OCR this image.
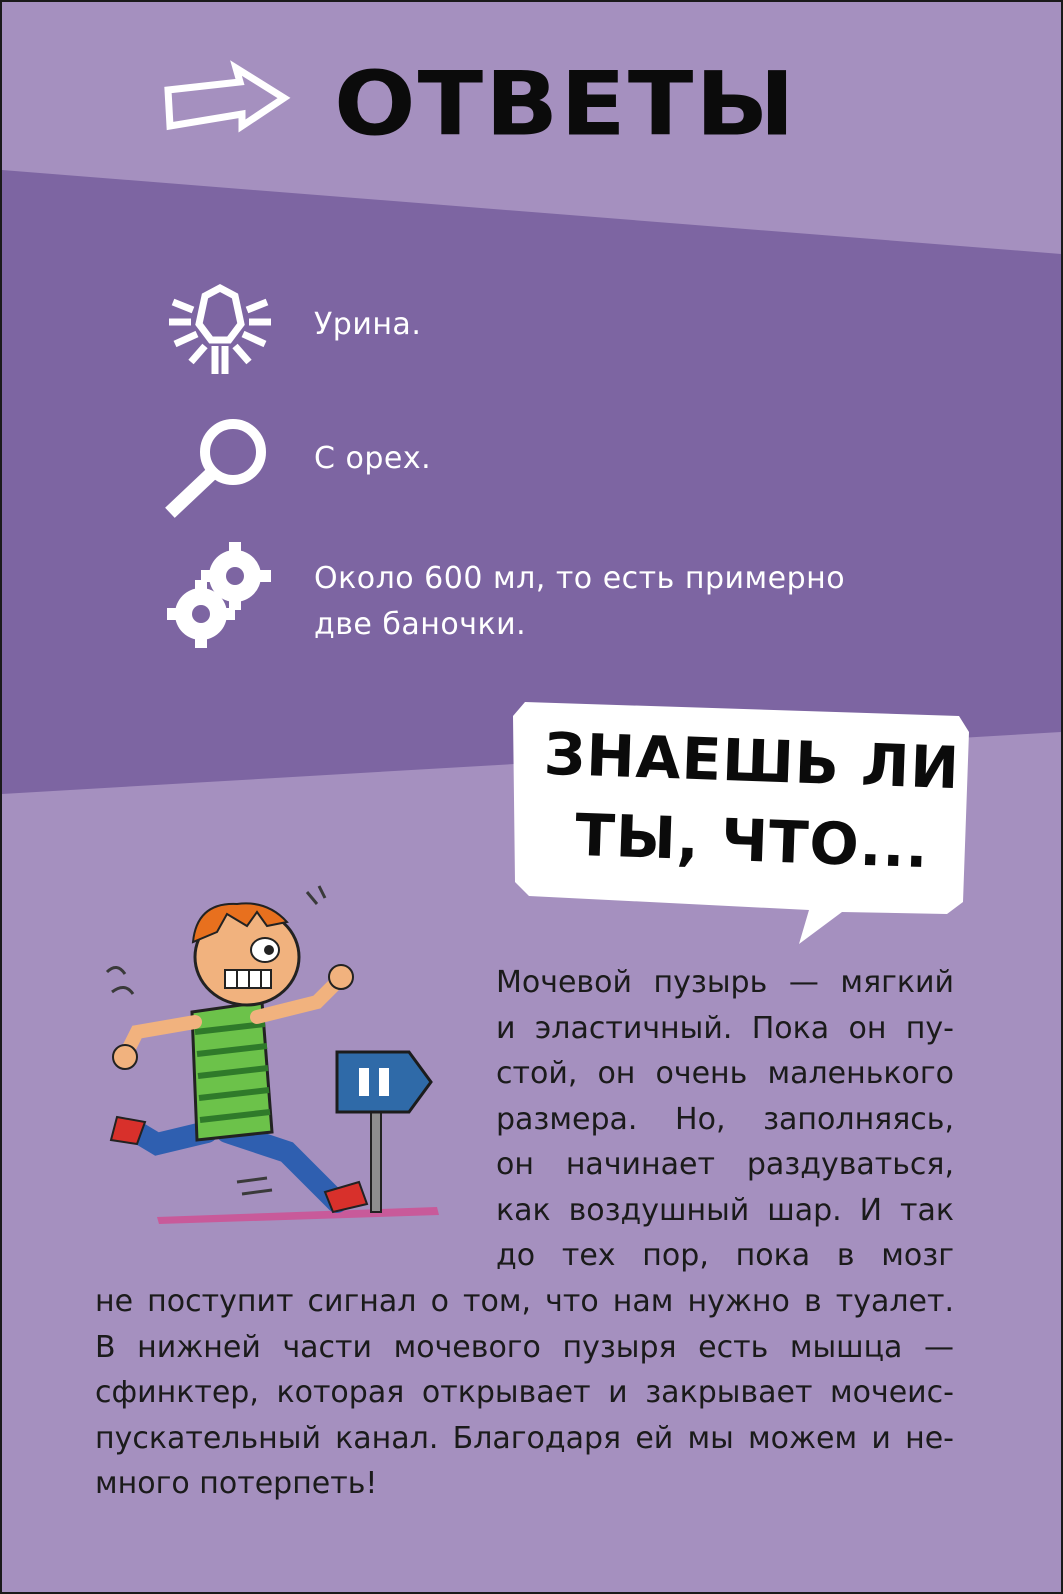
ОТВЕТЫ
Урина.
С орех.
Около 600 мл, то есть примерно
две баночки.
ЗНАЕШЬ ЛИ
ТЫ, ЧТО...
Мочевой пузырь — мягкий
и эластичный. Пока он пу-
стой, он очень маленького
размера. Но, заполняясь,
он начинает раздуваться,
как воздушный шар. И так
до тех пор, пока в мозг
не поступит сигнал о том, что нам нужно в туалет.
В нижней части мочевого пузыря есть мышца —
сфинктер, которая открывает и закрывает мочеис-
пускательный канал. Благодаря ей мы можем и не-
много потерпеть!
